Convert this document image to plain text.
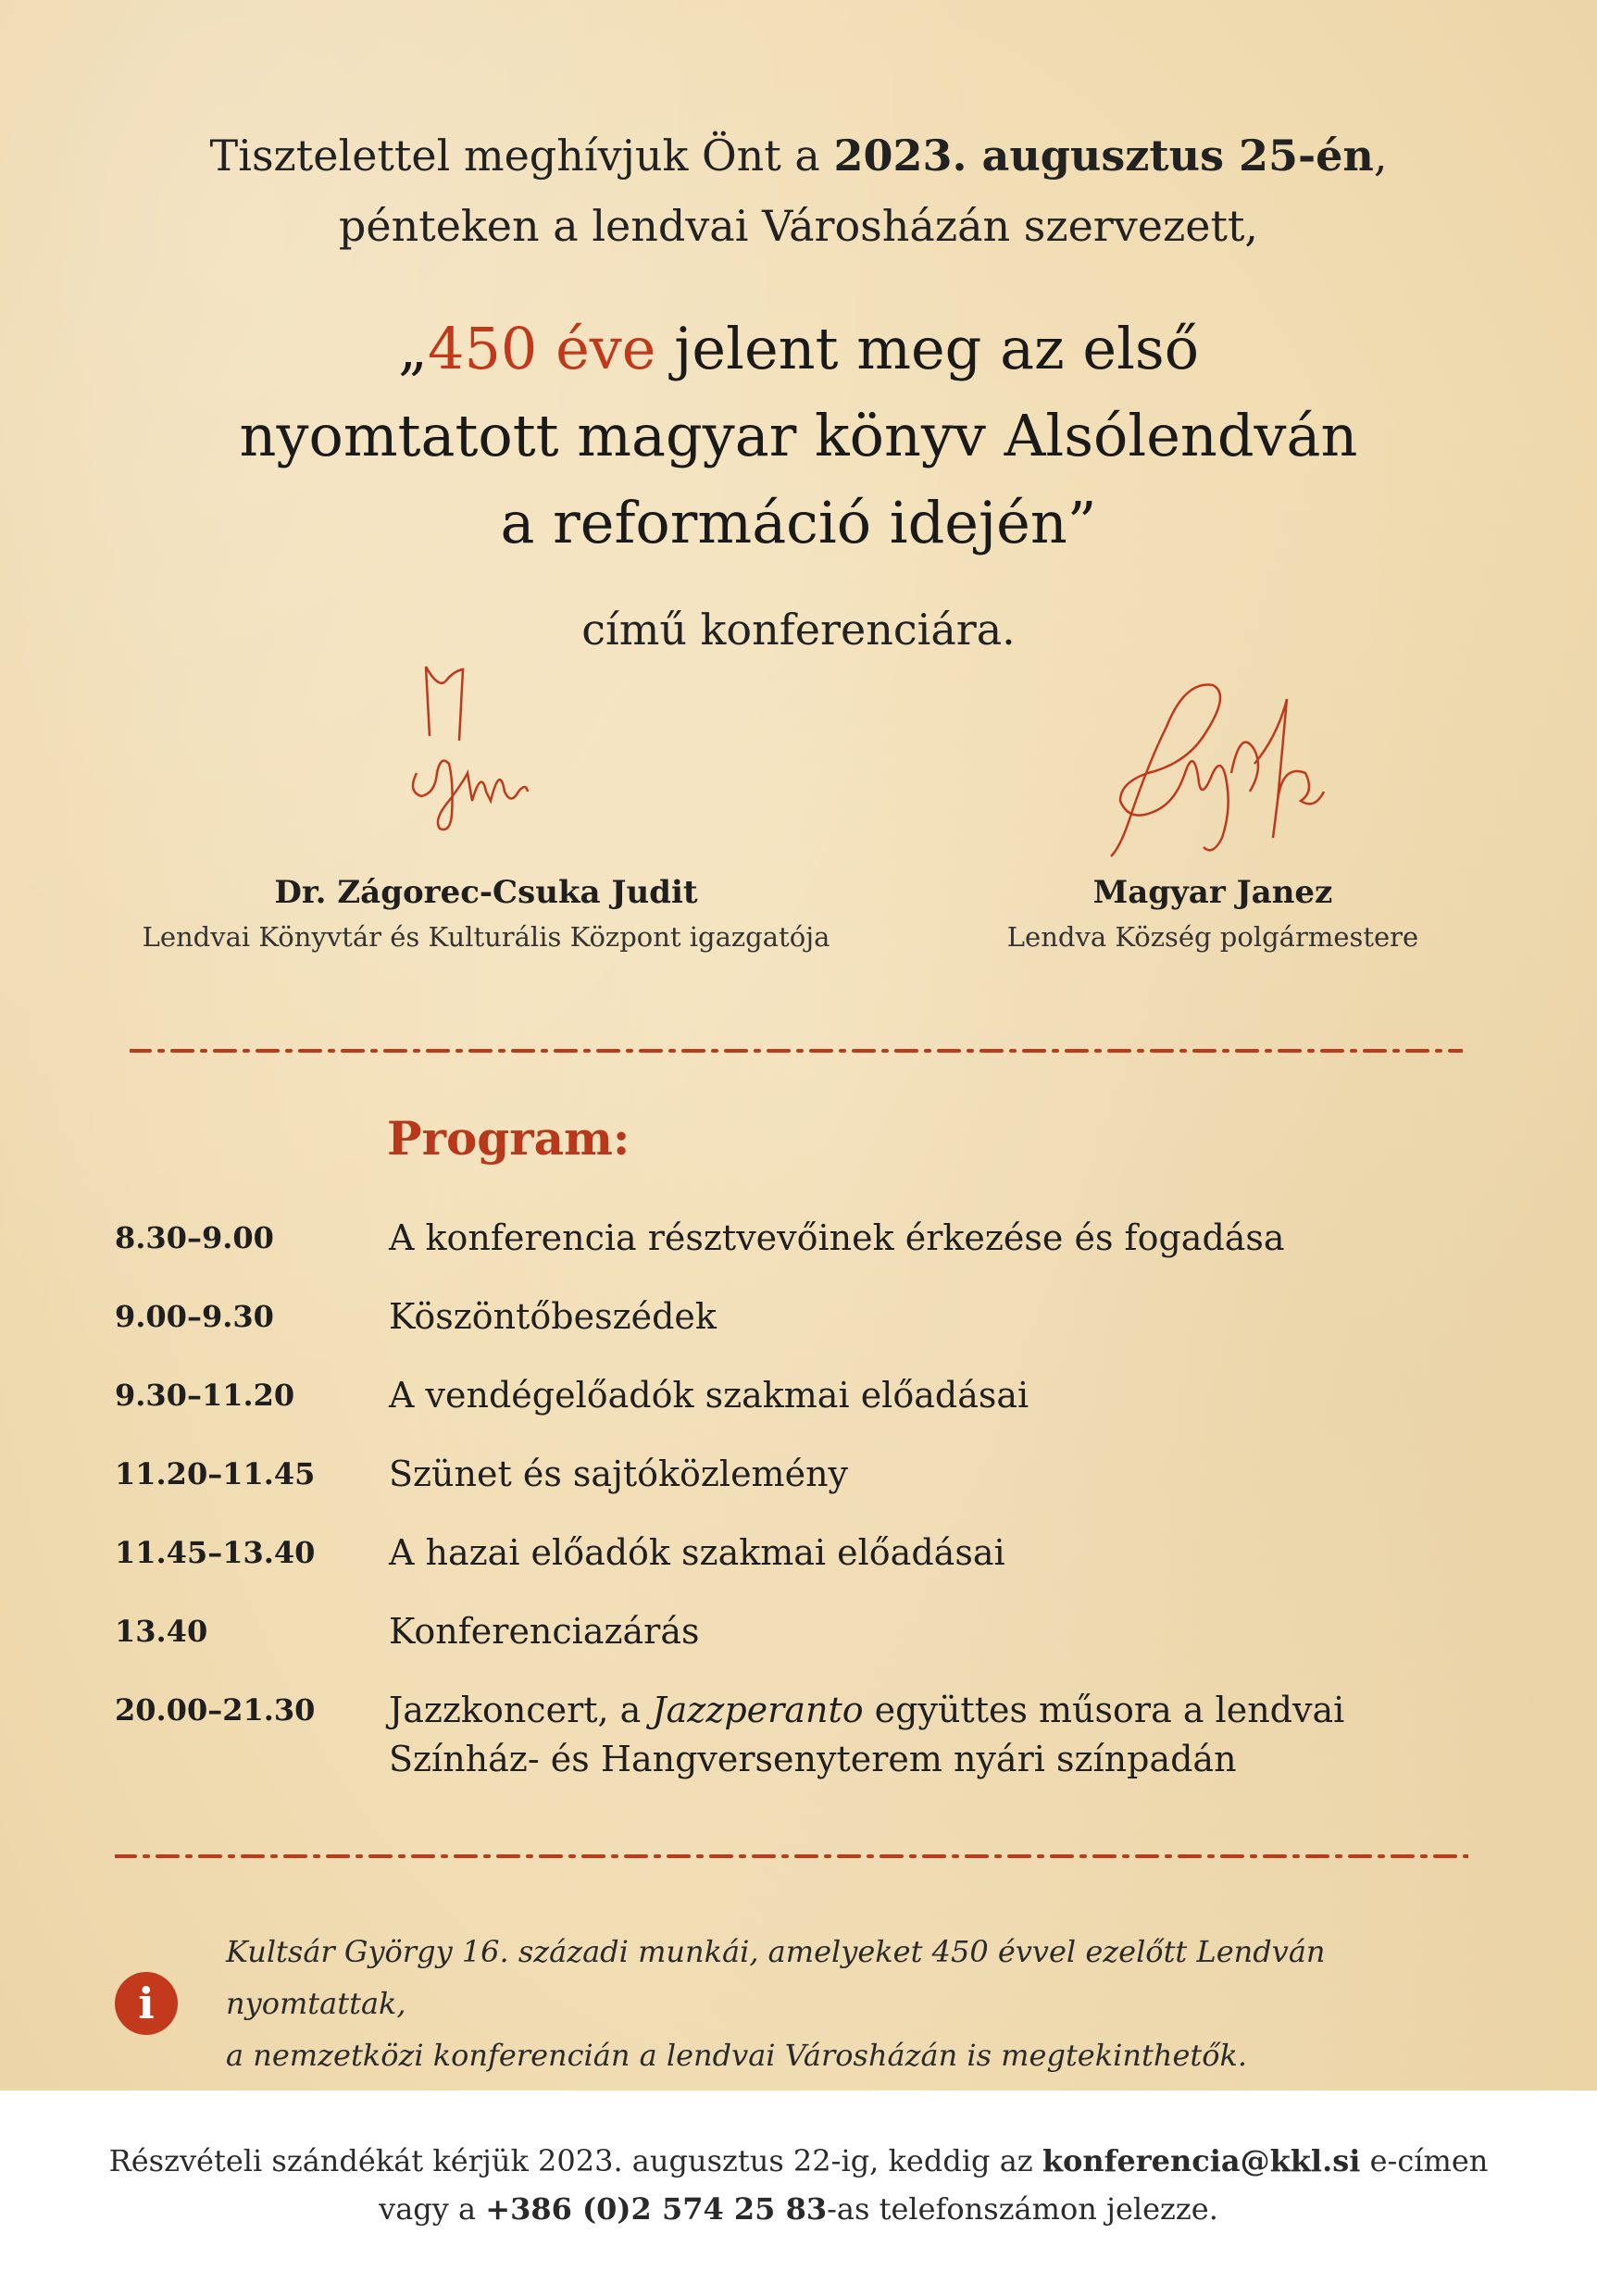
Tisztelettel meghívjuk Önt a 2023. augusztus 25-én,
pénteken a lendvai Városházán szervezett,
„450 éve jelent meg az első
nyomtatott magyar könyv Alsólendván
a reformáció idején”
című konferenciára.
Dr. Zágorec-Csuka Judit
Lendvai Könyvtár és Kulturális Központ igazgatója
Magyar Janez
Lendva Község polgármestere
Program:
8.30–9.00	A konferencia résztvevőinek érkezése és fogadása
9.00–9.30	Köszöntőbeszédek
9.30–11.20	A vendégelőadók szakmai előadásai
11.20–11.45	Szünet és sajtóközlemény
11.45–13.40	A hazai előadók szakmai előadásai
13.40	Konferenciazárás
20.00–21.30	Jazzkoncert, a Jazzperanto együttes műsora a lendvai
Színház- és Hangversenyterem nyári színpadán
i
Kultsár György 16. századi munkái, amelyeket 450 évvel ezelőtt Lendván nyomtattak,
a nemzetközi konferencián a lendvai Városházán is megtekinthetők.
Részvételi szándékát kérjük 2023. augusztus 22-ig, keddig az konferencia@kkl.si e-címen
vagy a +386 (0)2 574 25 83-as telefonszámon jelezze.
